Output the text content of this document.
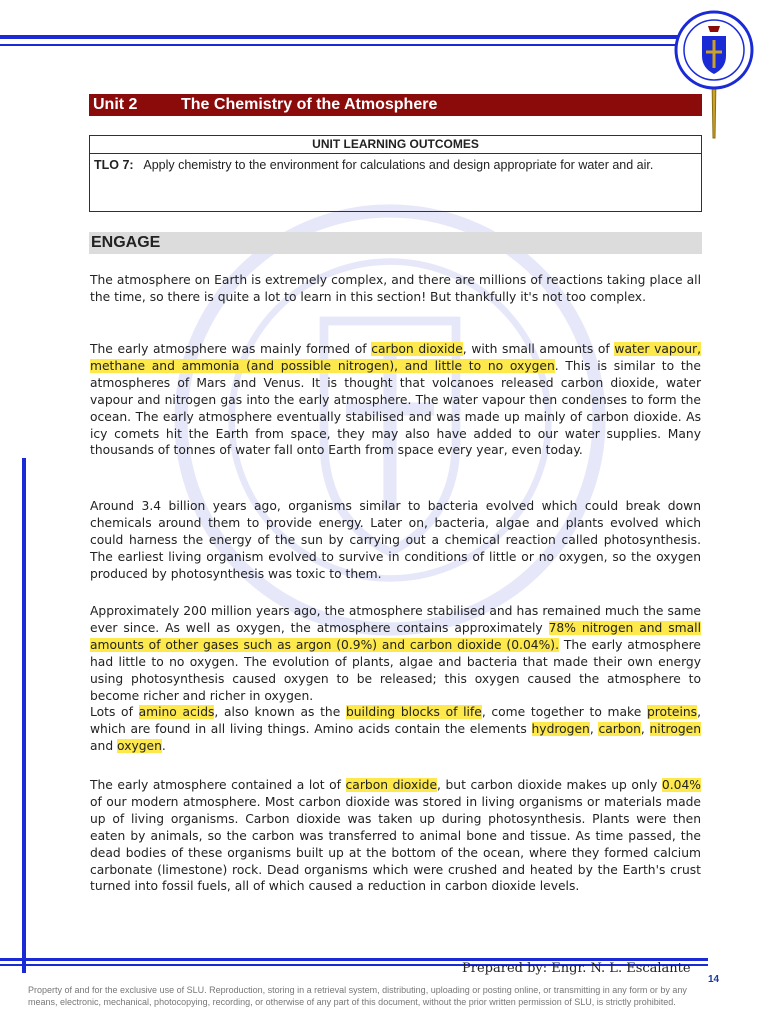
Unit 2	The Chemistry of the Atmosphere
UNIT LEARNING OUTCOMES
TLO 7: Apply chemistry to the environment for calculations and design appropriate for water and air.
ENGAGE
The atmosphere on Earth is extremely complex, and there are millions of reactions taking place all the time, so there is quite a lot to learn in this section! But thankfully it's not too complex.
The early atmosphere was mainly formed of carbon dioxide, with small amounts of water vapour, methane and ammonia (and possible nitrogen), and little to no oxygen. This is similar to the atmospheres of Mars and Venus. It is thought that volcanoes released carbon dioxide, water vapour and nitrogen gas into the early atmosphere. The water vapour then condenses to form the ocean. The early atmosphere eventually stabilised and was made up mainly of carbon dioxide. As icy comets hit the Earth from space, they may also have added to our water supplies. Many thousands of tonnes of water fall onto Earth from space every year, even today.
Around 3.4 billion years ago, organisms similar to bacteria evolved which could break down chemicals around them to provide energy. Later on, bacteria, algae and plants evolved which could harness the energy of the sun by carrying out a chemical reaction called photosynthesis. The earliest living organism evolved to survive in conditions of little or no oxygen, so the oxygen produced by photosynthesis was toxic to them.
Approximately 200 million years ago, the atmosphere stabilised and has remained much the same ever since. As well as oxygen, the atmosphere contains approximately 78% nitrogen and small amounts of other gases such as argon (0.9%) and carbon dioxide (0.04%). The early atmosphere had little to no oxygen. The evolution of plants, algae and bacteria that made their own energy using photosynthesis caused oxygen to be released; this oxygen caused the atmosphere to become richer and richer in oxygen.
Lots of amino acids, also known as the building blocks of life, come together to make proteins, which are found in all living things. Amino acids contain the elements hydrogen, carbon, nitrogen and oxygen.
The early atmosphere contained a lot of carbon dioxide, but carbon dioxide makes up only 0.04% of our modern atmosphere. Most carbon dioxide was stored in living organisms or materials made up of living organisms. Carbon dioxide was taken up during photosynthesis. Plants were then eaten by animals, so the carbon was transferred to animal bone and tissue. As time passed, the dead bodies of these organisms built up at the bottom of the ocean, where they formed calcium carbonate (limestone) rock. Dead organisms which were crushed and heated by the Earth's crust turned into fossil fuels, all of which caused a reduction in carbon dioxide levels.
Prepared by: Engr. N. L. Escalante
14
Property of and for the exclusive use of SLU. Reproduction, storing in a retrieval system, distributing, uploading or posting online, or transmitting in any form or by any means, electronic, mechanical, photocopying, recording, or otherwise of any part of this document, without the prior written permission of SLU, is strictly prohibited.
